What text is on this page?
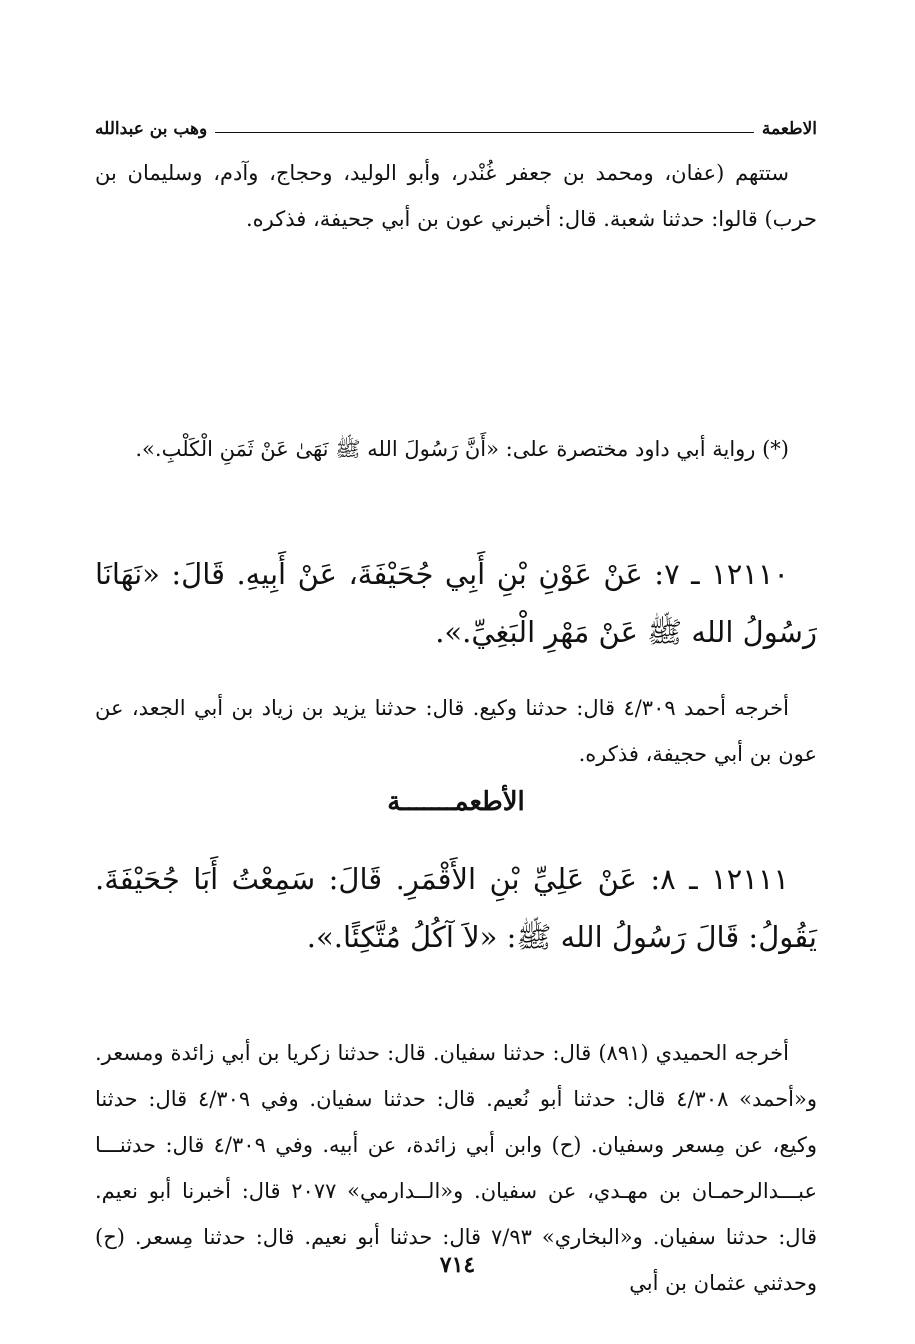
الاطعمة
وهب بن عبدالله

ستتهم (عفان، ومحمد بن جعفر غُنْدر، وأبو الوليد، وحجاج، وآدم، وسليمان بن حرب) قالوا: حدثنا شعبة. قال: أخبرني عون بن أبي جحيفة، فذكره.

(*) رواية أبي داود مختصرة على: «أَنَّ رَسُولَ الله ﷺ نَهَىٰ عَنْ ثَمَنِ الْكَلْبِ.».

١٢١١٠ ـ ٧: عَنْ عَوْنِ بْنِ أَبِي جُحَيْفَةَ، عَنْ أَبِيهِ. قَالَ: «نَهَانَا رَسُولُ الله ﷺ عَنْ مَهْرِ الْبَغِيِّ.».

أخرجه أحمد ٤/٣٠٩ قال: حدثنا وكيع. قال: حدثنا يزيد بن زياد بن أبي الجعد، عن عون بن أبي حجيفة، فذكره.

الأطعمـــــــة

١٢١١١ ـ ٨: عَنْ عَلِيِّ بْنِ الأَقْمَرِ. قَالَ: سَمِعْتُ أَبَا جُحَيْفَةَ. يَقُولُ: قَالَ رَسُولُ الله ﷺ: «لاَ آكُلُ مُتَّكِئًا.».

أخرجه الحميدي (٨٩١) قال: حدثنا سفيان. قال: حدثنا زكريا بن أبي زائدة ومسعر. و«أحمد» ٤/٣٠٨ قال: حدثنا أبو نُعيم. قال: حدثنا سفيان. وفي ٤/٣٠٩ قال: حدثنا وكيع، عن مِسعر وسفيان. (ح) وابن أبي زائدة، عن أبيه. وفي ٤/٣٠٩ قال: حدثنـــا عبـــدالرحمـان بن مهـدي، عن سفيان. و«الــدارمي» ٢٠٧٧ قال: أخبرنا أبو نعيم. قال: حدثنا سفيان. و«البخاري» ٧/٩٣ قال: حدثنا أبو نعيم. قال: حدثنا مِسعر. (ح) وحدثني عثمان بن أبي

٧١٤
